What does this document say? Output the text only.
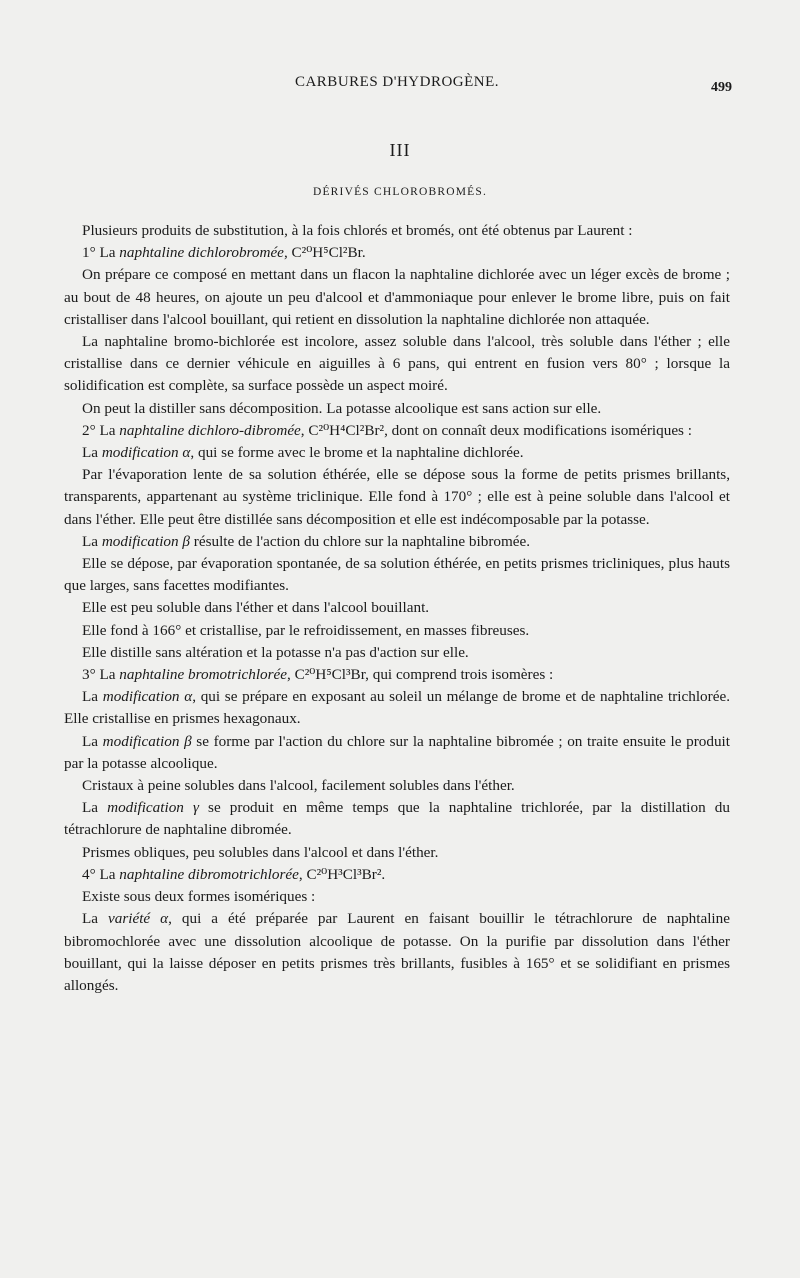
CARBURES D'HYDROGÈNE.	499
III
DÉRIVÉS CHLOROBROMÉS.

Plusieurs produits de substitution, à la fois chlorés et bromés, ont été obtenus par Laurent :

1° La naphtaline dichlorobromée, C²⁰H⁵Cl²Br.

On prépare ce composé en mettant dans un flacon la naphtaline dichlorée avec un léger excès de brome ; au bout de 48 heures, on ajoute un peu d'alcool et d'ammoniaque pour enlever le brome libre, puis on fait cristalliser dans l'alcool bouillant, qui retient en dissolution la naphtaline dichlorée non attaquée.

La naphtaline bromo-bichlorée est incolore, assez soluble dans l'alcool, très soluble dans l'éther ; elle cristallise dans ce dernier véhicule en aiguilles à 6 pans, qui entrent en fusion vers 80° ; lorsque la solidification est complète, sa surface possède un aspect moiré.

On peut la distiller sans décomposition. La potasse alcoolique est sans action sur elle.

2° La naphtaline dichloro-dibromée, C²⁰H⁴Cl²Br², dont on connaît deux modifications isomériques :

La modification α, qui se forme avec le brome et la naphtaline dichlorée.

Par l'évaporation lente de sa solution éthérée, elle se dépose sous la forme de petits prismes brillants, transparents, appartenant au système triclinique. Elle fond à 170° ; elle est à peine soluble dans l'alcool et dans l'éther. Elle peut être distillée sans décomposition et elle est indécomposable par la potasse.

La modification β résulte de l'action du chlore sur la naphtaline bibromée.

Elle se dépose, par évaporation spontanée, de sa solution éthérée, en petits prismes tricliniques, plus hauts que larges, sans facettes modifiantes.

Elle est peu soluble dans l'éther et dans l'alcool bouillant.

Elle fond à 166° et cristallise, par le refroidissement, en masses fibreuses.

Elle distille sans altération et la potasse n'a pas d'action sur elle.

3° La naphtaline bromotrichlorée, C²⁰H⁵Cl³Br, qui comprend trois isomères :

La modification α, qui se prépare en exposant au soleil un mélange de brome et de naphtaline trichlorée. Elle cristallise en prismes hexagonaux.

La modification β se forme par l'action du chlore sur la naphtaline bibromée ; on traite ensuite le produit par la potasse alcoolique.

Cristaux à peine solubles dans l'alcool, facilement solubles dans l'éther.

La modification γ se produit en même temps que la naphtaline trichlorée, par la distillation du tétrachlorure de naphtaline dibromée.

Prismes obliques, peu solubles dans l'alcool et dans l'éther.

4° La naphtaline dibromotrichlorée, C²⁰H³Cl³Br².

Existe sous deux formes isomériques :

La variété α, qui a été préparée par Laurent en faisant bouillir le tétrachlorure de naphtaline bibromochlorée avec une dissolution alcoolique de potasse. On la purifie par dissolution dans l'éther bouillant, qui la laisse déposer en petits prismes très brillants, fusibles à 165° et se solidifiant en prismes allongés.
